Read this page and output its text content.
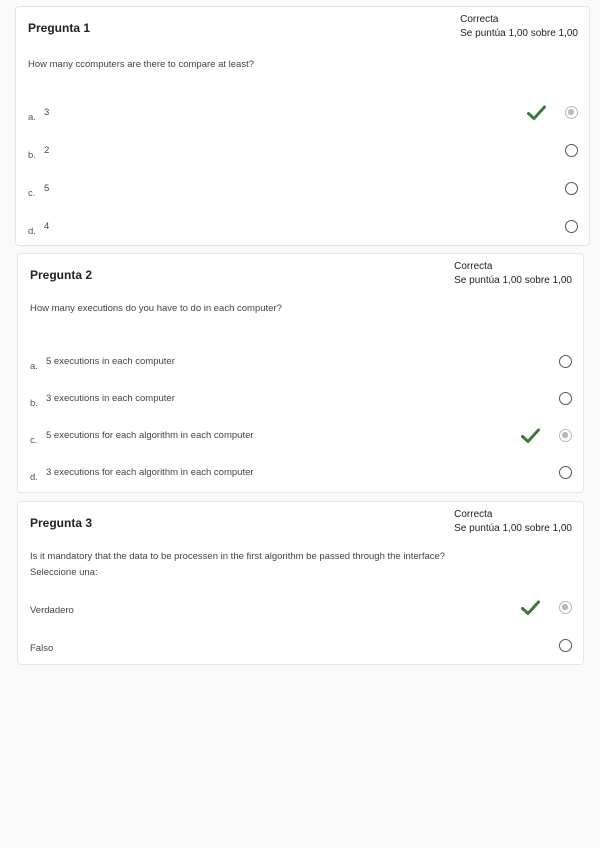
Pregunta 1
Correcta
Se puntúa 1,00 sobre 1,00
How many ccomputers are there to compare at least?
a. 3
b. 2
c. 5
d. 4
Pregunta 2
Correcta
Se puntúa 1,00 sobre 1,00
How many executions do you have to do in each computer?
a. 5 executions in each computer
b. 3 executions in each computer
c. 5 executions for each algorithm in each computer
d. 3 executions for each algorithm in each computer
Pregunta 3
Correcta
Se puntúa 1,00 sobre 1,00
Is it mandatory that the data to be processen in the first algorithm be passed through the interface?
Seleccione una:
Verdadero
Falso
